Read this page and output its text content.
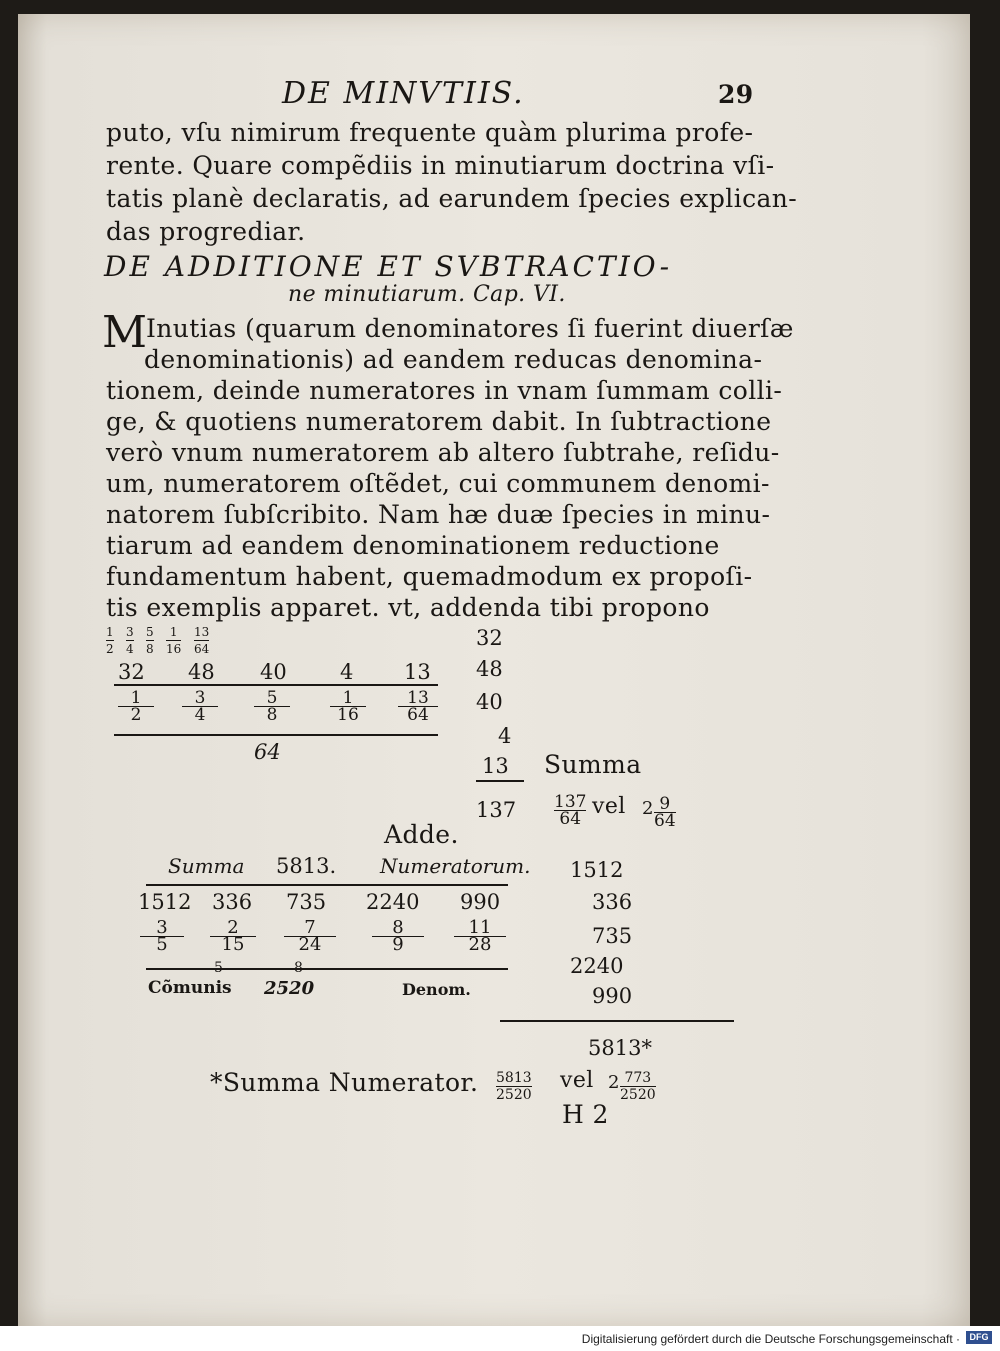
DE MINVTIIS.	29
puto, vſu nimirum frequente quàm plurima profe-
rente. Quare compẽdiis in minutiarum doctrina vſi-
tatis planè declaratis, ad earundem ſpecies explican-
das progrediar.
DE ADDITIONE ET SVBTRACTIO-
ne minutiarum. Cap. VI.
M
Inutias (quarum denominatores ſi fuerint diuerſæ
denominationis) ad eandem reducas denomina-
tionem, deinde numeratores in vnam ſummam colli-
ge, & quotiens numeratorem dabit. In ſubtractione
verò vnum numeratorem ab altero ſubtrahe, reſidu-
um, numeratorem oſtẽdet, cui communem denomi-
natorem ſubſcribito. Nam hæ duæ ſpecies in minu-
tiarum ad eandem denominationem reductione
fundamentum habent, quemadmodum ex propoſi-
tis exemplis apparet. vt, addenda tibi propono
$\frac{1}{2} \frac{3}{4} \frac{5}{8} \frac{1}{16} \frac{13}{64}$
32 48 40	4 13
$\frac{1}{2} \frac{3}{4} \frac{5}{8} \frac{1}{16} \frac{13}{64}$
64
32
48
40
4
13 Summa
$137 \frac{137}{64}$ vel $2 \frac{9}{64}$
Adde.
Summa 5813. Numeratorum.
1512 336 735 2240 990
$\frac{3}{5} \frac{2}{15} \frac{7}{24} \frac{8}{9} \frac{11}{28}$
5	8
Cõmunis 2520	Denom.
1512
336
735
2240
990
5813*
*Summa Numerator. $\frac{5813}{2520}$ vel $2 \frac{773}{2520}$
H 2
Digitalisierung gefördert durch die Deutsche Forschungsgemeinschaft ·	DFG
